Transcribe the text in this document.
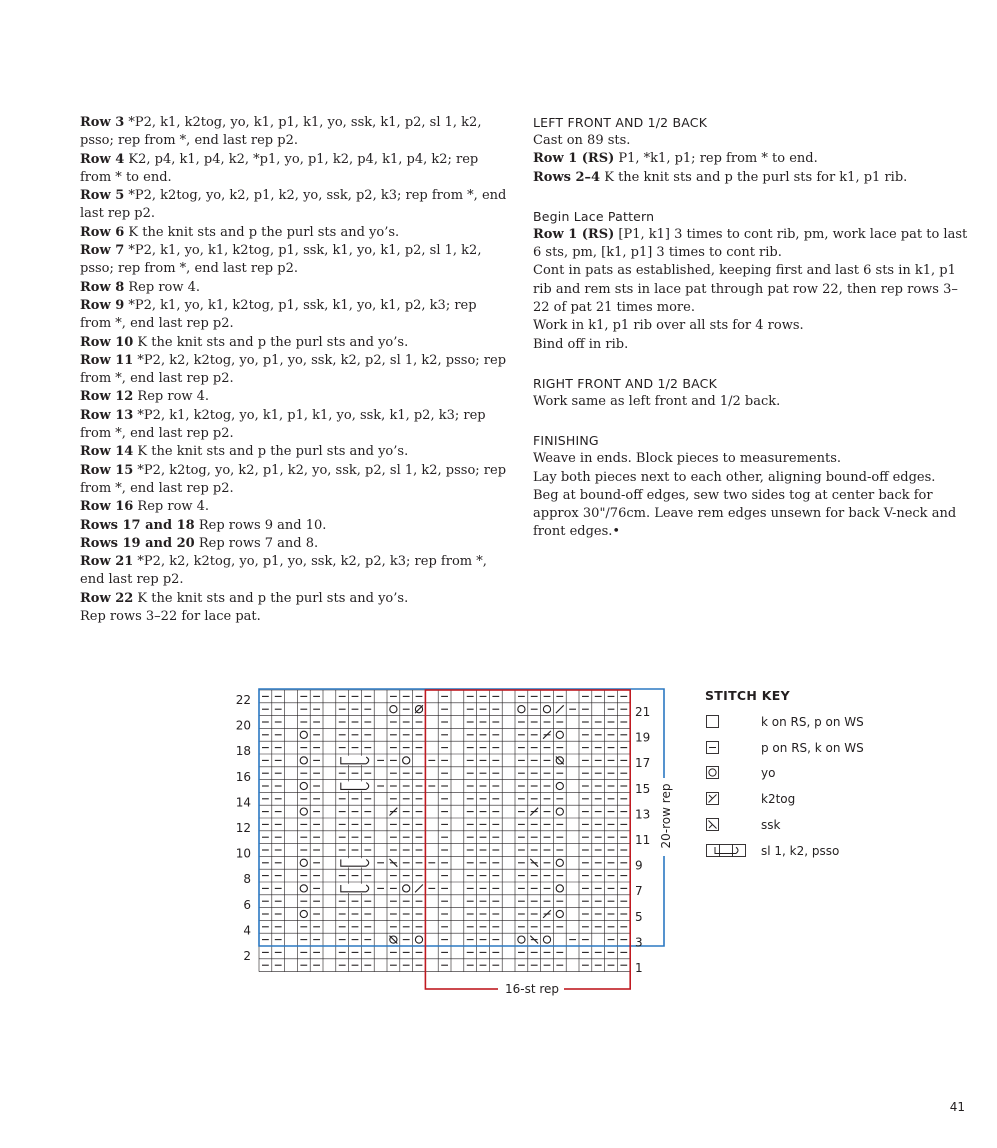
Row 3 *P2, k1, k2tog, yo, k1, p1, k1, yo, ssk, k1, p2, sl 1, k2, psso; rep from *, end last rep p2.

Row 4 K2, p4, k1, p4, k2, *p1, yo, p1, k2, p4, k1, p4, k2; rep from * to end.

Row 5 *P2, k2tog, yo, k2, p1, k2, yo, ssk, p2, k3; rep from *, end last rep p2.

Row 6 K the knit sts and p the purl sts and yo’s.

Row 7 *P2, k1, yo, k1, k2tog, p1, ssk, k1, yo, k1, p2, sl 1, k2, psso; rep from *, end last rep p2.

Row 8 Rep row 4.

Row 9 *P2, k1, yo, k1, k2tog, p1, ssk, k1, yo, k1, p2, k3; rep from *, end last rep p2.

Row 10 K the knit sts and p the purl sts and yo’s.

Row 11 *P2, k2, k2tog, yo, p1, yo, ssk, k2, p2, sl 1, k2, psso; rep from *, end last rep p2.

Row 12 Rep row 4.

Row 13 *P2, k1, k2tog, yo, k1, p1, k1, yo, ssk, k1, p2, k3; rep from *, end last rep p2.

Row 14 K the knit sts and p the purl sts and yo’s.

Row 15 *P2, k2tog, yo, k2, p1, k2, yo, ssk, p2, sl 1, k2, psso; rep from *, end last rep p2.

Row 16 Rep row 4.

Rows 17 and 18 Rep rows 9 and 10.

Rows 19 and 20 Rep rows 7 and 8.

Row 21 *P2, k2, k2tog, yo, p1, yo, ssk, k2, p2, k3; rep from *, end last rep p2.

Row 22 K the knit sts and p the purl sts and yo’s.

Rep rows 3–22 for lace pat.

LEFT FRONT AND 1/2 BACK

Cast on 89 sts.

Row 1 (RS) P1, *k1, p1; rep from * to end.

Rows 2–4 K the knit sts and p the purl sts for k1, p1 rib.

Begin Lace Pattern

Row 1 (RS) [P1, k1] 3 times to cont rib, pm, work lace pat to last 6 sts, pm, [k1, p1] 3 times to cont rib.

Cont in pats as established, keeping first and last 6 sts in k1, p1 rib and rem sts in lace pat through pat row 22, then rep rows 3–22 of pat 21 times more.

Work in k1, p1 rib over all sts for 4 rows.

Bind off in rib.

RIGHT FRONT AND 1/2 BACK

Work same as left front and 1/2 back.

FINISHING

Weave in ends. Block pieces to measurements.

Lay both pieces next to each other, aligning bound-off edges.

Beg at bound-off edges, sew two sides tog at center back for approx 30"/76cm. Leave rem edges unsewn for back V-neck and front edges.•

22
20
18
16
14
12
10
8
6
4
2
21
19
17
15
13
11
9
7
5
3
1
16-st rep
20-row rep

STITCH KEY

k on RS, p on WS
p on RS, k on WS
yo
k2tog
ssk
sl 1, k2, psso
41
